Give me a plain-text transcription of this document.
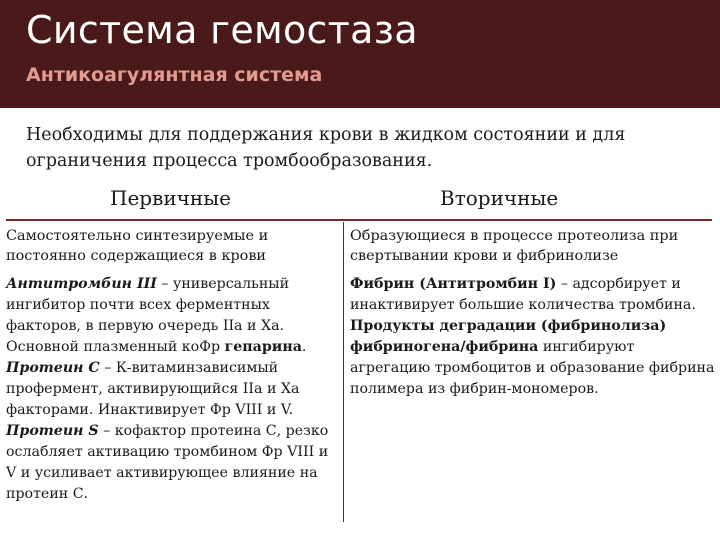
Система гемостаза
Антикоагулянтная система
Необходимы для поддержания крови в жидком состоянии и для ограничения процесса тромбообразования.
Первичные	Вторичные

Самостоятельно синтезируемые и постоянно содержащиеся в крови

Антитромбин III – универсальный ингибитор почти всех ферментных факторов, в первую очередь IIa и Xa. Основной плазменный коФр гепарина.

Протеин С – К-витаминзависимый профермент, активирующийся IIa и Xa факторами. Инактивирует Фр VIII и V.

Протеин S – кофактор протеина С, резко ослабляет активацию тромбином Фр VIII и V и усиливает активирующее влияние на протеин С.

Образующиеся в процессе протеолиза при свертывании крови и фибринолизе

Фибрин (Антитромбин I) – адсорбирует и инактивирует большие количества тромбина.

Продукты деградации (фибринолиза) фибриногена/фибрина ингибируют агрегацию тромбоцитов и образование фибрина полимера из фибрин-мономеров.
